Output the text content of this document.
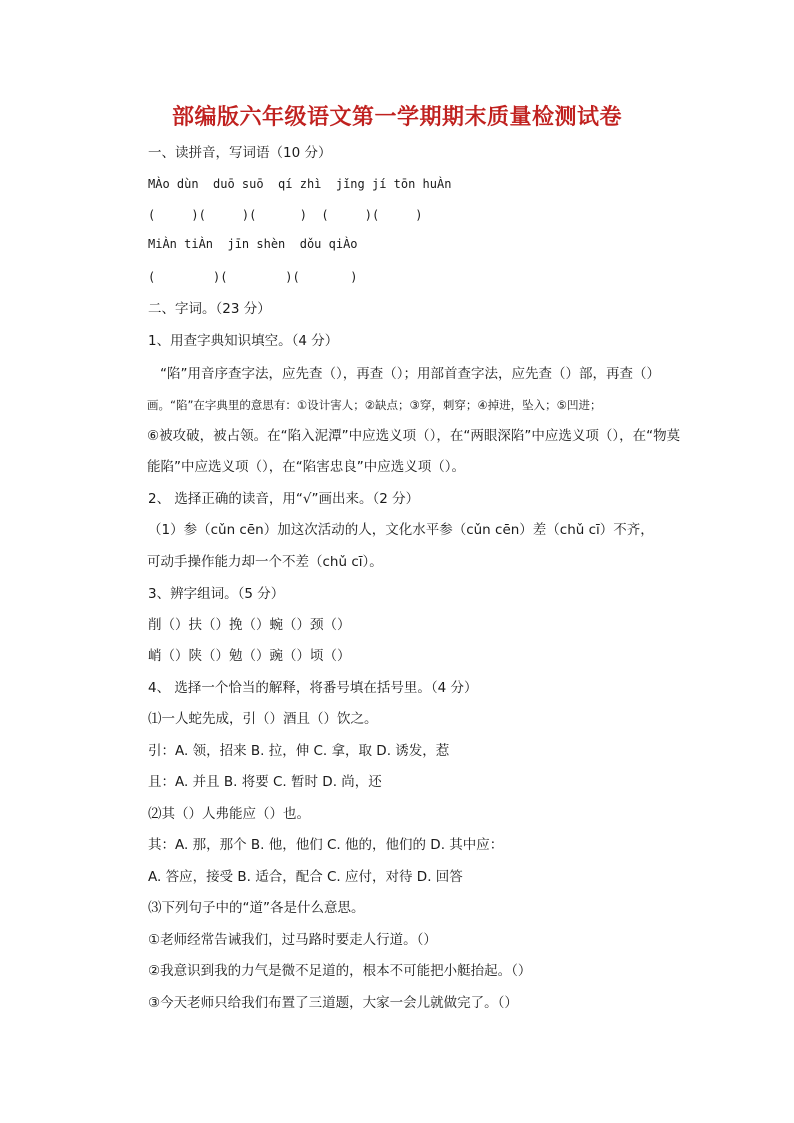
部编版六年级语文第一学期期末质量检测试卷
一、读拼音，写词语（10 分）
MÀo dùn  duō suō  qí zhì  jǐng jí tōn huÀn
(     )(     )(      )  (     )(     )
MiÀn tiÀn  jīn shèn  dǒu qiÀo
(        )(        )(       )
二、字词。（23 分）
1、用查字典知识填空。（4 分）
“陷”用音序查字法，应先查（），再查（）；用部首查字法，应先查（）部，再查（）
画。“陷”在字典里的意思有：①设计害人；②缺点；③穿，刺穿；④掉进，坠入；⑤凹进；
⑥被攻破，被占领。在“陷入泥潭”中应选义项（），在“两眼深陷”中应选义项（），在“物莫
能陷”中应选义项（），在“陷害忠良”中应选义项（）。
2、 选择正确的读音，用“√”画出来。（2 分）
（1）参（cǔn cēn）加这次活动的人，文化水平参（cǔn cēn）差（chǔ cī）不齐，
可动手操作能力却一个不差（chǔ cī）。
3、辨字组词。（5 分）
削（）扶（）挽（）蜿（）颈（）
峭（）陕（）勉（）豌（）顷（）
4、 选择一个恰当的解释，将番号填在括号里。（4 分）
⑴一人蛇先成，引（）酒且（）饮之。
引：A. 领，招来 B. 拉，伸 C. 拿，取 D. 诱发，惹
且：A. 并且 B. 将要 C. 暂时 D. 尚，还
⑵其（）人弗能应（）也。
其：A. 那，那个 B. 他，他们 C. 他的，他们的 D. 其中应：
A. 答应，接受 B. 适合，配合 C. 应付，对待 D. 回答
⑶下列句子中的“道”各是什么意思。
①老师经常告诫我们，过马路时要走人行道。（）
②我意识到我的力气是微不足道的，根本不可能把小艇抬起。（）
③今天老师只给我们布置了三道题，大家一会儿就做完了。（）
